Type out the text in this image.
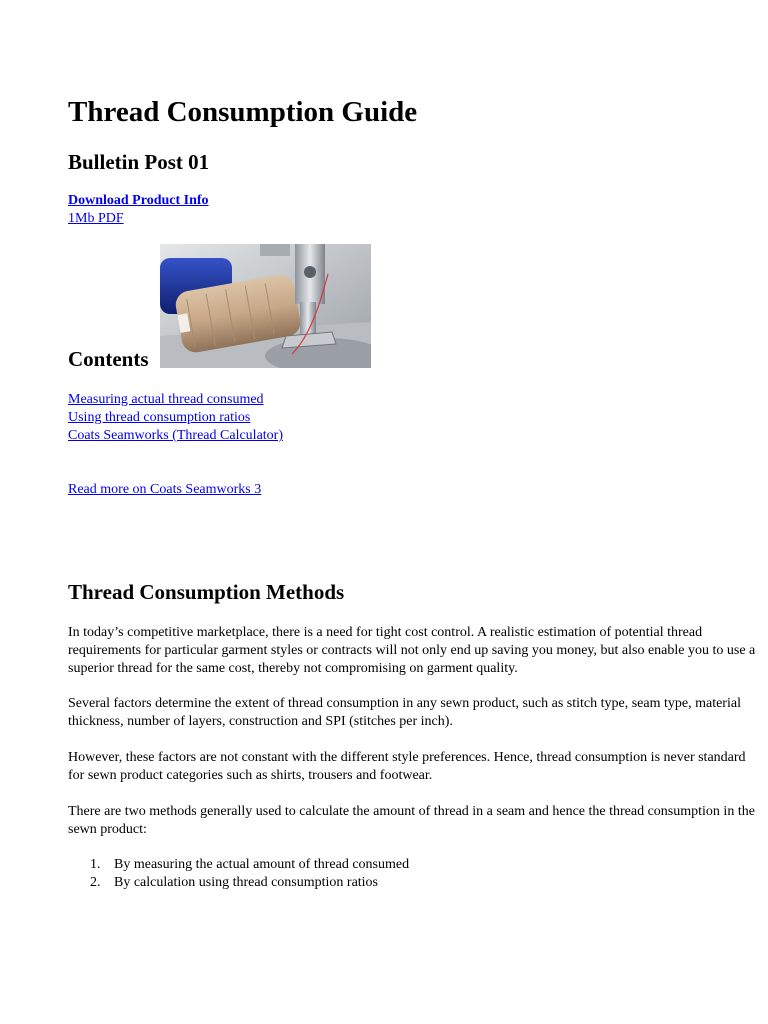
Thread Consumption Guide
Bulletin Post 01
Download Product Info
1Mb PDF
Contents
Measuring actual thread consumed
Using thread consumption ratios
Coats Seamworks (Thread Calculator)
Read more on Coats Seamworks 3
Thread Consumption Methods

In today’s competitive marketplace, there is a need for tight cost control. A realistic estimation of potential thread requirements for particular garment styles or contracts will not only end up saving you money, but also enable you to use a superior thread for the same cost, thereby not compromising on garment quality.

Several factors determine the extent of thread consumption in any sewn product, such as stitch type, seam type, material thickness, number of layers, construction and SPI (stitches per inch).

However, these factors are not constant with the different style preferences. Hence, thread consumption is never standard for sewn product categories such as shirts, trousers and footwear.

There are two methods generally used to calculate the amount of thread in a seam and hence the thread consumption in the sewn product:

1. By measuring the actual amount of thread consumed
2. By calculation using thread consumption ratios
